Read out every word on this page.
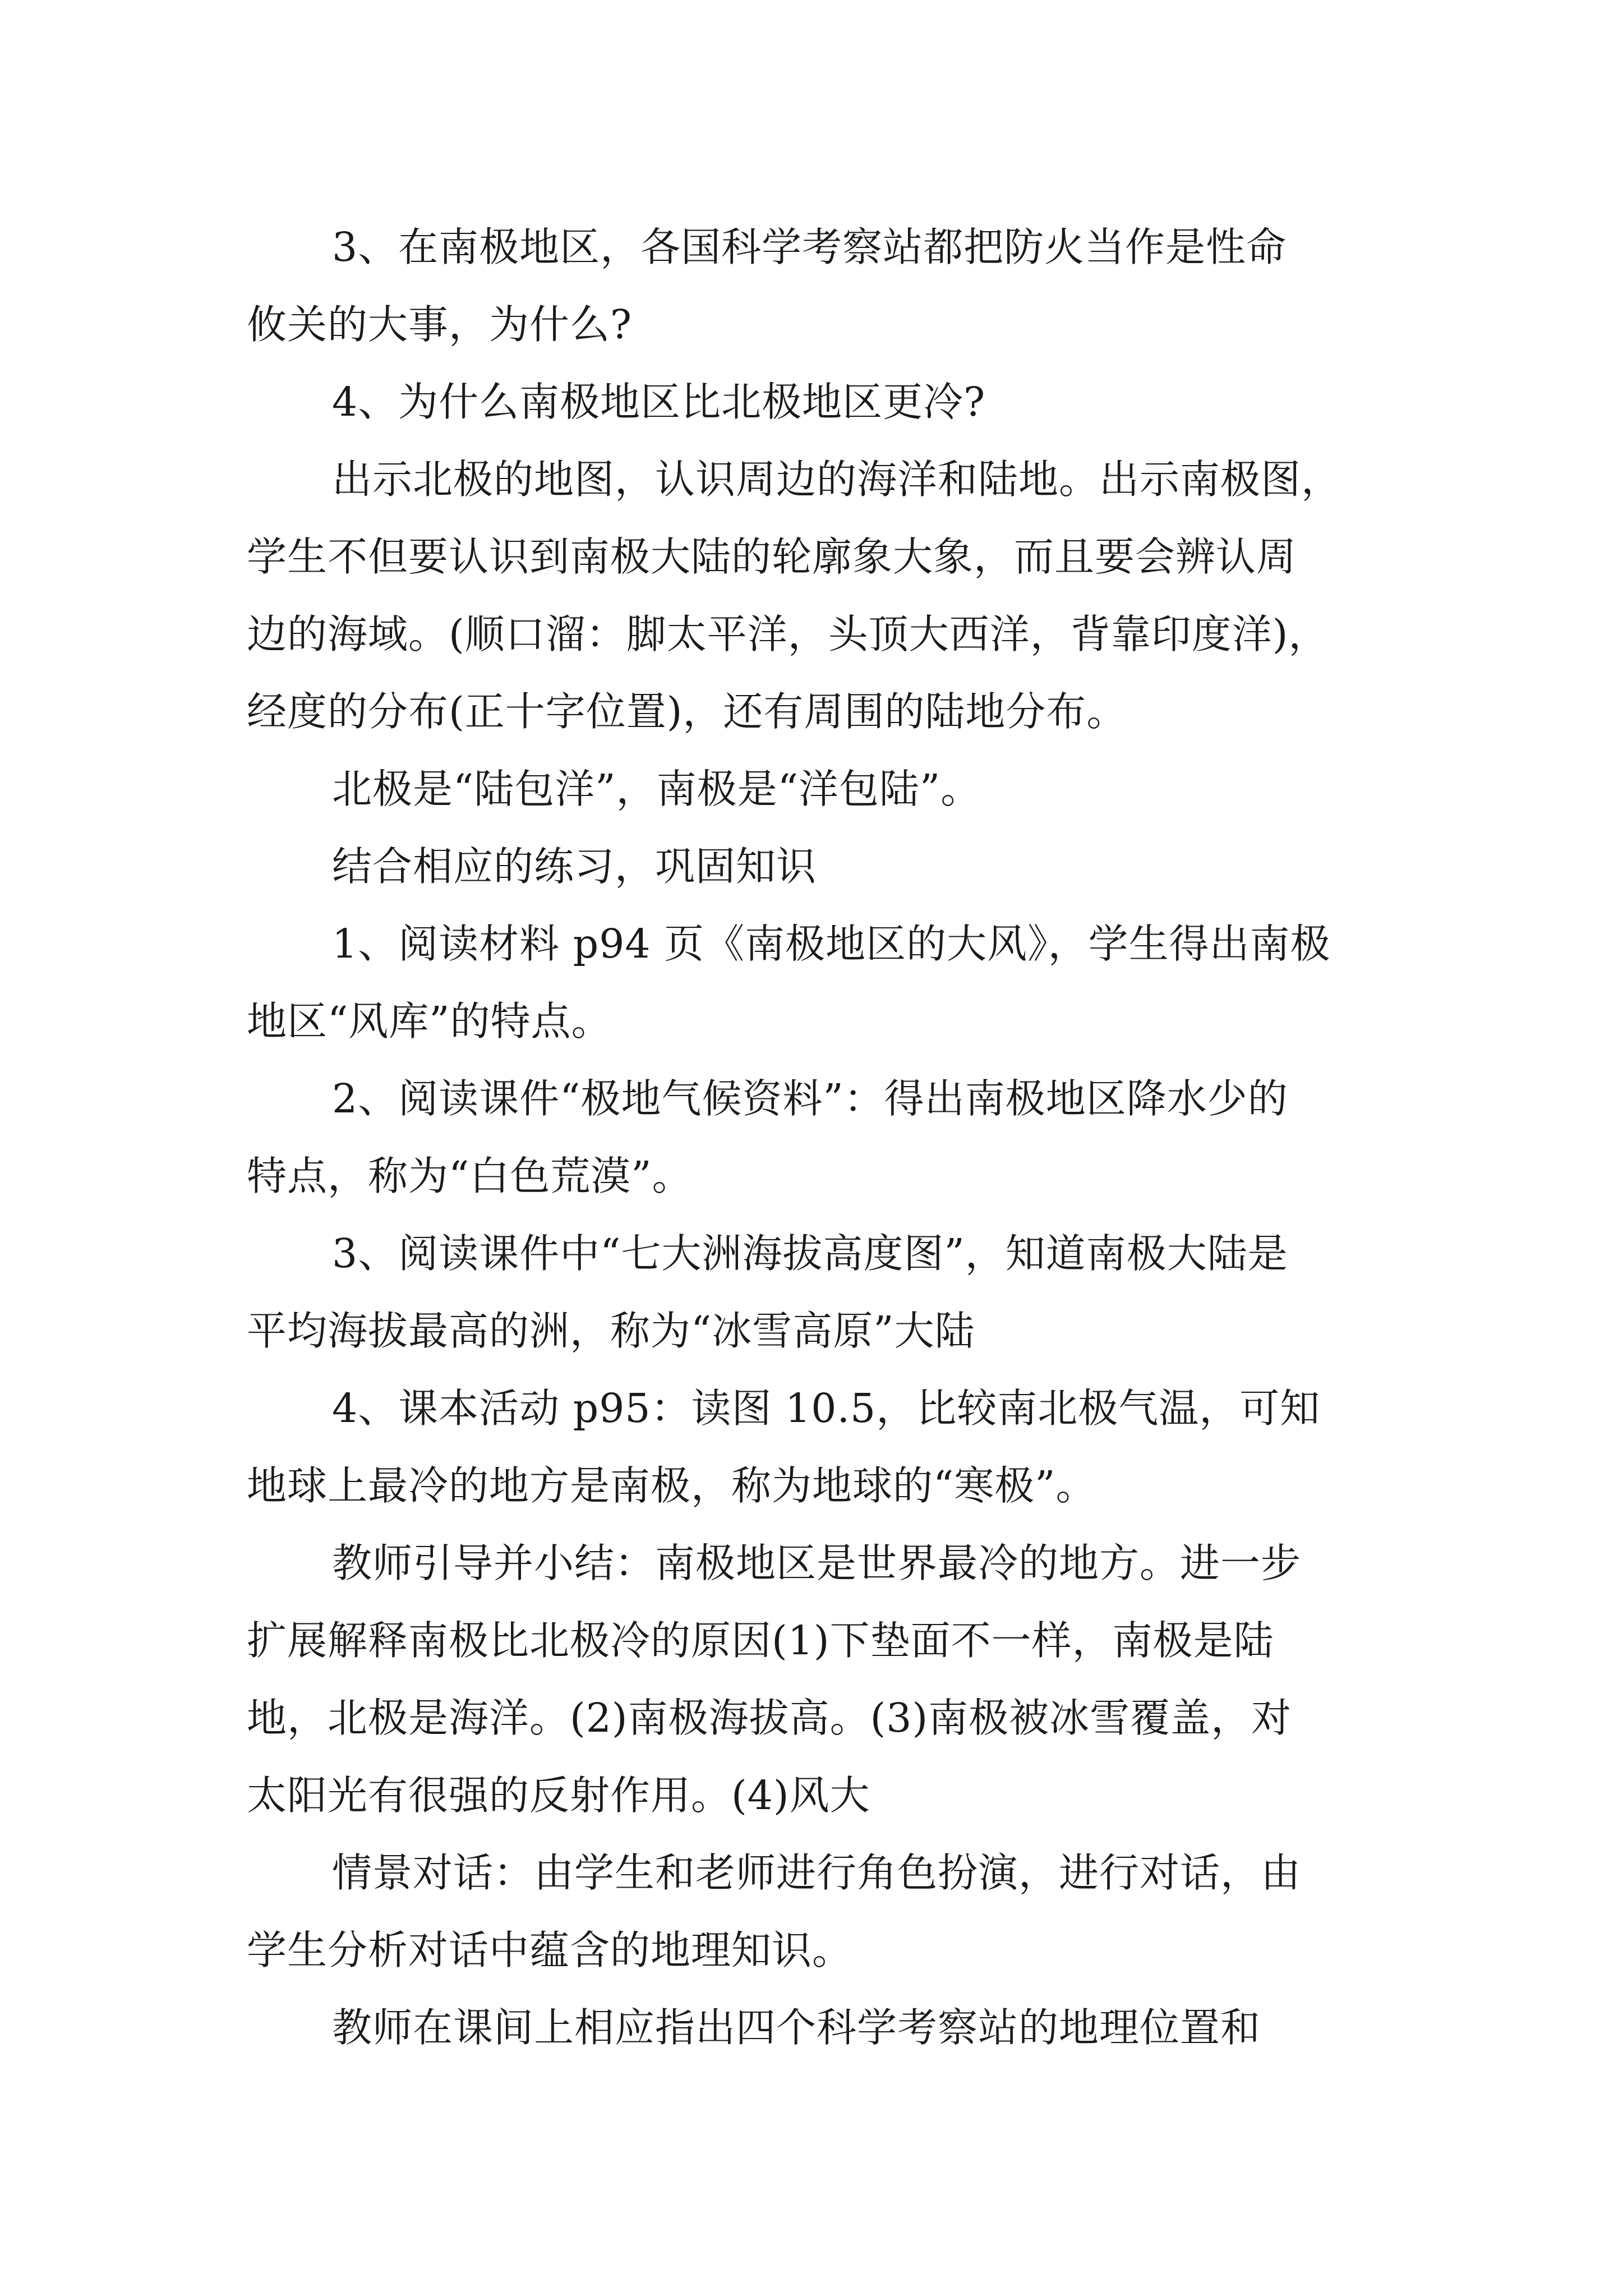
3、在南极地区，各国科学考察站都把防火当作是性命
攸关的大事，为什么?

4、为什么南极地区比北极地区更冷?

出示北极的地图，认识周边的海洋和陆地。出示南极图，
学生不但要认识到南极大陆的轮廓象大象，而且要会辨认周
边的海域。(顺口溜：脚太平洋，头顶大西洋，背靠印度洋)，
经度的分布(正十字位置)，还有周围的陆地分布。

北极是“陆包洋”，南极是“洋包陆”。

结合相应的练习，巩固知识

1、阅读材料 p94 页《南极地区的大风》，学生得出南极
地区“风库”的特点。

2、阅读课件“极地气候资料”：得出南极地区降水少的
特点，称为“白色荒漠”。

3、阅读课件中“七大洲海拔高度图”，知道南极大陆是
平均海拔最高的洲，称为“冰雪高原”大陆

4、课本活动 p95：读图 10.5，比较南北极气温，可知
地球上最冷的地方是南极，称为地球的“寒极”。

教师引导并小结：南极地区是世界最冷的地方。进一步
扩展解释南极比北极冷的原因(1)下垫面不一样，南极是陆
地，北极是海洋。(2)南极海拔高。(3)南极被冰雪覆盖，对
太阳光有很强的反射作用。(4)风大

情景对话：由学生和老师进行角色扮演，进行对话，由
学生分析对话中蕴含的地理知识。

教师在课间上相应指出四个科学考察站的地理位置和
